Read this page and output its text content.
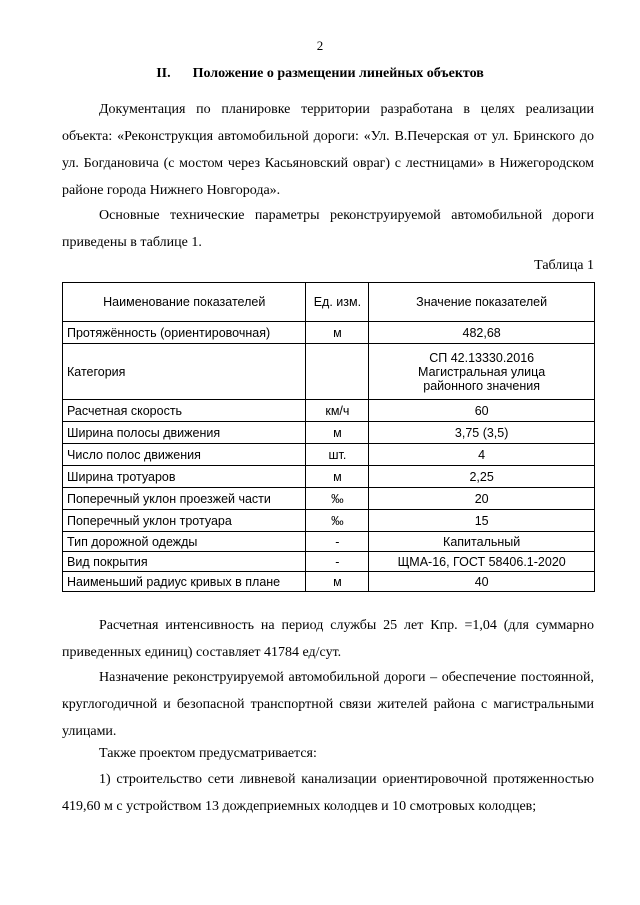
2
II. Положение о размещении линейных объектов
Документация по планировке территории разработана в целях реализации объекта: «Реконструкция автомобильной дороги: «Ул. В.Печерская от ул. Бринского до ул. Богдановича (с мостом через Касьяновский овраг) с лестницами» в Нижегородском районе города Нижнего Новгорода».
Основные технические параметры реконструируемой автомобильной дороги приведены в таблице 1.
Таблица 1
Наименование показателей	Ед. изм.	Значение показателей
Протяжённость (ориентировочная)	м	482,68
Категория		СП 42.13330.2016 Магистральная улица районного значения
Расчетная скорость	км/ч	60
Ширина полосы движения	м	3,75 (3,5)
Число полос движения	шт.	4
Ширина тротуаров	м	2,25
Поперечный уклон проезжей части	‰	20
Поперечный уклон тротуара	‰	15
Тип дорожной одежды	-	Капитальный
Вид покрытия	-	ЩМА-16, ГОСТ 58406.1-2020
Наименьший радиус кривых в плане	м	40
Расчетная интенсивность на период службы 25 лет Кпр. =1,04 (для суммарно приведенных единиц) составляет 41784 ед/сут.
Назначение реконструируемой автомобильной дороги – обеспечение постоянной, круглогодичной и безопасной транспортной связи жителей района с магистральными улицами.
Также проектом предусматривается:
1) строительство сети ливневой канализации ориентировочной протяженностью 419,60 м с устройством 13 дождеприемных колодцев и 10 смотровых колодцев;
